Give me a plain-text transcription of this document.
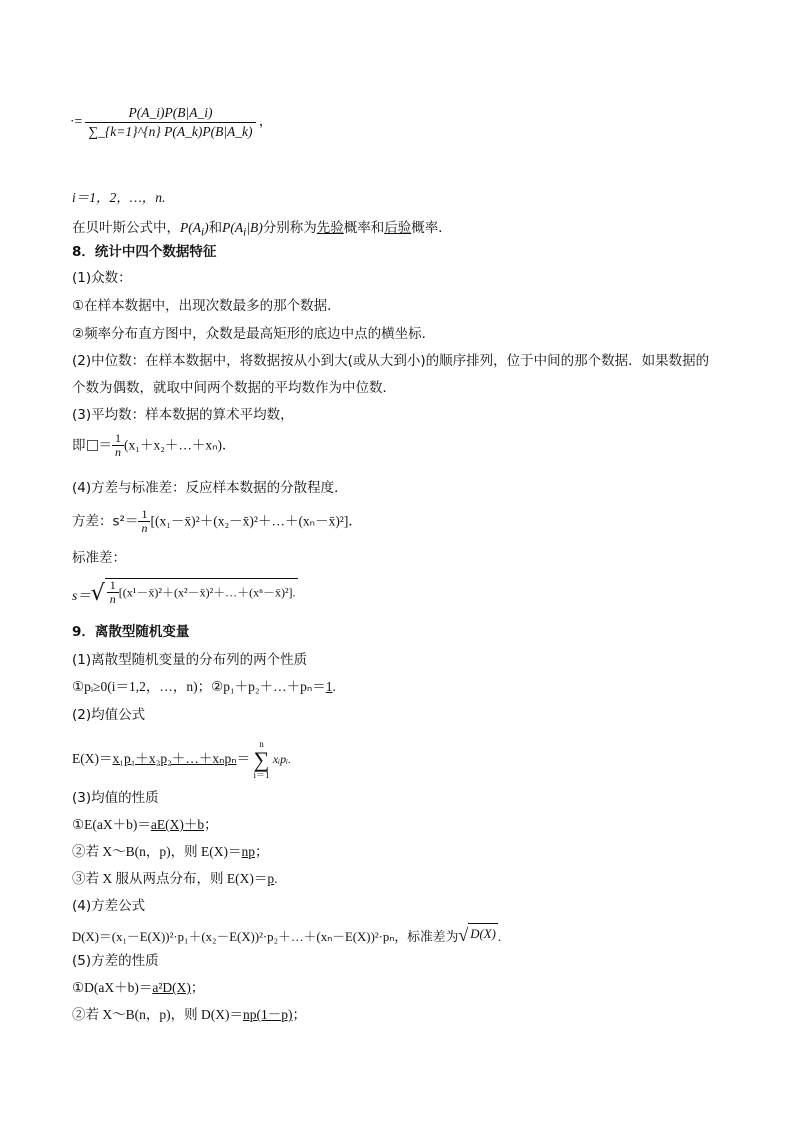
·= $\frac{P(A\_i)P(B|A\_i)}{\sum\_\{k=1\}\^{}\{n\} P(A\_k)P(B|A\_k)}$ ，
i＝1，2，…，n.
在贝叶斯公式中，$P(A_i)$和$P(A_i|B)$分别称为先验概率和后验概率．
8．统计中四个数据特征
(1)众数：
①在样本数据中，出现次数最多的那个数据．
②频率分布直方图中，众数是最高矩形的底边中点的横坐标．
(2)中位数：在样本数据中，将数据按从小到大(或从大到小)的顺序排列，位于中间的那个数据．如果数据的
个数为偶数，就取中间两个数据的平均数作为中位数．
(3)平均数：样本数据的算术平均数，
即 ＝ $\frac{1}{n}$ (x₁＋x₂＋…＋xₙ)．
(4)方差与标准差：反应样本数据的分散程度．
方差：$s^2= \frac{1}{n}$ [(x₁－x̄)²＋(x₂－x̄)²＋…＋(xₙ－x̄)²]．
标准差：
s＝ √ $\frac{1}{n}$ [(x¹－x̄)²＋(x²－x̄)²＋…＋(xⁿ－x̄)²].
9．离散型随机变量
(1)离散型随机变量的分布列的两个性质
①pᵢ≥0(i＝1,2，…，n)；②p₁＋p₂＋…＋pₙ＝1.
(2)均值公式
E(X)＝x₁p₁＋x₂p₂＋…＋xₙpₙ＝
n
∑
i＝1
xᵢpᵢ.
(3)均值的性质
①E(aX＋b)＝aE(X)＋b；
②若 X～B(n，p)，则 E(X)＝np；
③若 X 服从两点分布，则 E(X)＝p.
(4)方差公式
D(X)＝(x₁－E(X))²·p₁＋(x₂－E(X))²·p₂＋…＋(xₙ－E(X))²·pₙ，标准差为 √ D(X) .
(5)方差的性质
①D(aX＋b)＝a²D(X)；
②若 X～B(n，p)，则 D(X)＝np(1－p)；
